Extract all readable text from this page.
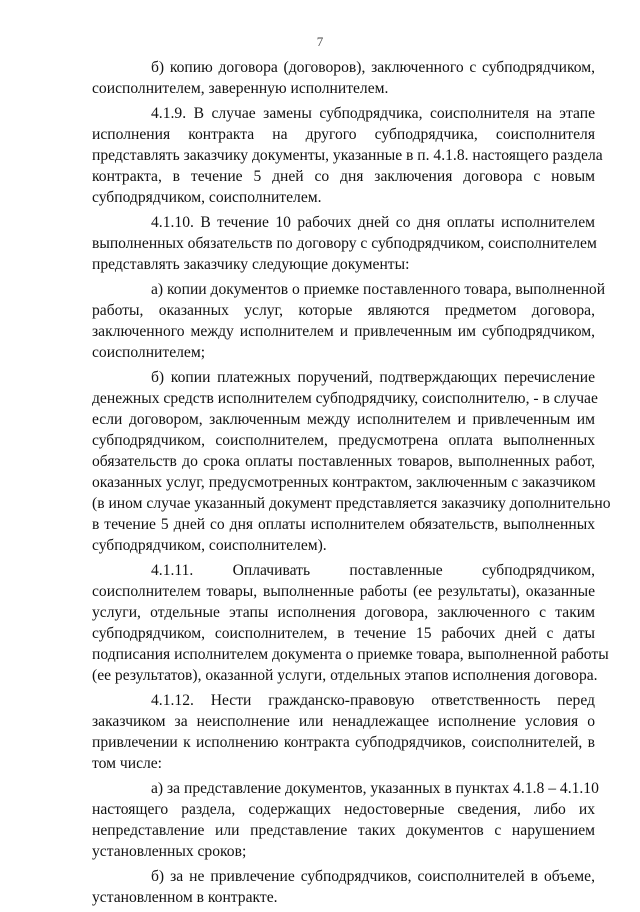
7
б) копию договора (договоров), заключенного с субподрядчиком,
соисполнителем, заверенную исполнителем.
4.1.9. В случае замены субподрядчика, соисполнителя на этапе
исполнения контракта на другого субподрядчика, соисполнителя
представлять заказчику документы, указанные в п. 4.1.8. настоящего раздела
контракта, в течение 5 дней со дня заключения договора с новым
субподрядчиком, соисполнителем.
4.1.10. В течение 10 рабочих дней со дня оплаты исполнителем
выполненных обязательств по договору с субподрядчиком, соисполнителем
представлять заказчику следующие документы:
а) копии документов о приемке поставленного товара, выполненной
работы, оказанных услуг, которые являются предметом договора,
заключенного между исполнителем и привлеченным им субподрядчиком,
соисполнителем;
б) копии платежных поручений, подтверждающих перечисление
денежных средств исполнителем субподрядчику, соисполнителю, - в случае
если договором, заключенным между исполнителем и привлеченным им
субподрядчиком, соисполнителем, предусмотрена оплата выполненных
обязательств до срока оплаты поставленных товаров, выполненных работ,
оказанных услуг, предусмотренных контрактом, заключенным с заказчиком
(в ином случае указанный документ представляется заказчику дополнительно
в течение 5 дней со дня оплаты исполнителем обязательств, выполненных
субподрядчиком, соисполнителем).
4.1.11. Оплачивать поставленные субподрядчиком,
соисполнителем товары, выполненные работы (ее результаты), оказанные
услуги, отдельные этапы исполнения договора, заключенного с таким
субподрядчиком, соисполнителем, в течение 15 рабочих дней с даты
подписания исполнителем документа о приемке товара, выполненной работы
(ее результатов), оказанной услуги, отдельных этапов исполнения договора.
4.1.12. Нести гражданско-правовую ответственность перед
заказчиком за неисполнение или ненадлежащее исполнение условия о
привлечении к исполнению контракта субподрядчиков, соисполнителей, в
том числе:
а) за представление документов, указанных в пунктах 4.1.8 – 4.1.10
настоящего раздела, содержащих недостоверные сведения, либо их
непредставление или представление таких документов с нарушением
установленных сроков;
б) за не привлечение субподрядчиков, соисполнителей в объеме,
установленном в контракте.
